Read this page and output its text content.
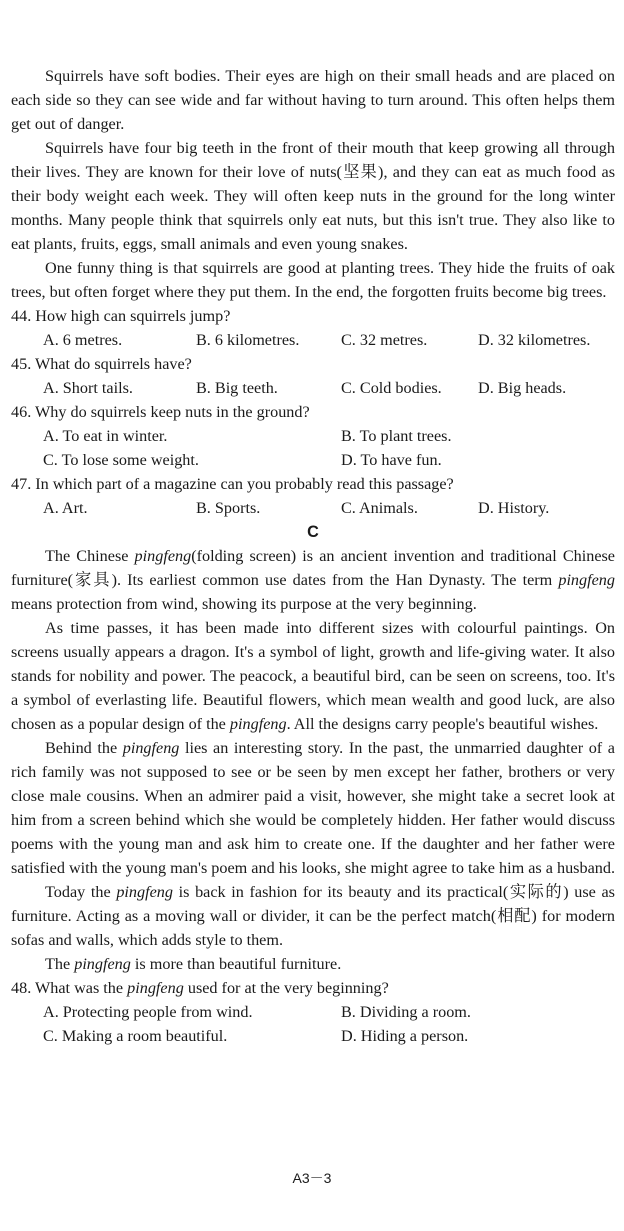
Squirrels have soft bodies. Their eyes are high on their small heads and are placed on each side so they can see wide and far without having to turn around. This often helps them get out of danger.

Squirrels have four big teeth in the front of their mouth that keep growing all through their lives. They are known for their love of nuts(坚果), and they can eat as much food as their body weight each week. They will often keep nuts in the ground for the long winter months. Many people think that squirrels only eat nuts, but this isn't true. They also like to eat plants, fruits, eggs, small animals and even young snakes.

One funny thing is that squirrels are good at planting trees. They hide the fruits of oak trees, but often forget where they put them. In the end, the forgotten fruits become big trees.

44. How high can squirrels jump?

A. 6 metres.	B. 6 kilometres.	C. 32 metres.	D. 32 kilometres.

45. What do squirrels have?

A. Short tails.	B. Big teeth.	C. Cold bodies.	D. Big heads.

46. Why do squirrels keep nuts in the ground?

A. To eat in winter.	B. To plant trees.
C. To lose some weight.	D. To have fun.

47. In which part of a magazine can you probably read this passage?

A. Art.	B. Sports.	C. Animals.	D. History.

C

The Chinese pingfeng(folding screen) is an ancient invention and traditional Chinese furniture(家具). Its earliest common use dates from the Han Dynasty. The term pingfeng means protection from wind, showing its purpose at the very beginning.

As time passes, it has been made into different sizes with colourful paintings. On screens usually appears a dragon. It's a symbol of light, growth and life-giving water. It also stands for nobility and power. The peacock, a beautiful bird, can be seen on screens, too. It's a symbol of everlasting life. Beautiful flowers, which mean wealth and good luck, are also chosen as a popular design of the pingfeng. All the designs carry people's beautiful wishes.

Behind the pingfeng lies an interesting story. In the past, the unmarried daughter of a rich family was not supposed to see or be seen by men except her father, brothers or very close male cousins. When an admirer paid a visit, however, she might take a secret look at him from a screen behind which she would be completely hidden. Her father would discuss poems with the young man and ask him to create one. If the daughter and her father were satisfied with the young man's poem and his looks, she might agree to take him as a husband.

Today the pingfeng is back in fashion for its beauty and its practical(实际的) use as furniture. Acting as a moving wall or divider, it can be the perfect match(相配) for modern sofas and walls, which adds style to them.

The pingfeng is more than beautiful furniture.

48. What was the pingfeng used for at the very beginning?

A. Protecting people from wind.	B. Dividing a room.
C. Making a room beautiful.	D. Hiding a person.
A3－3
